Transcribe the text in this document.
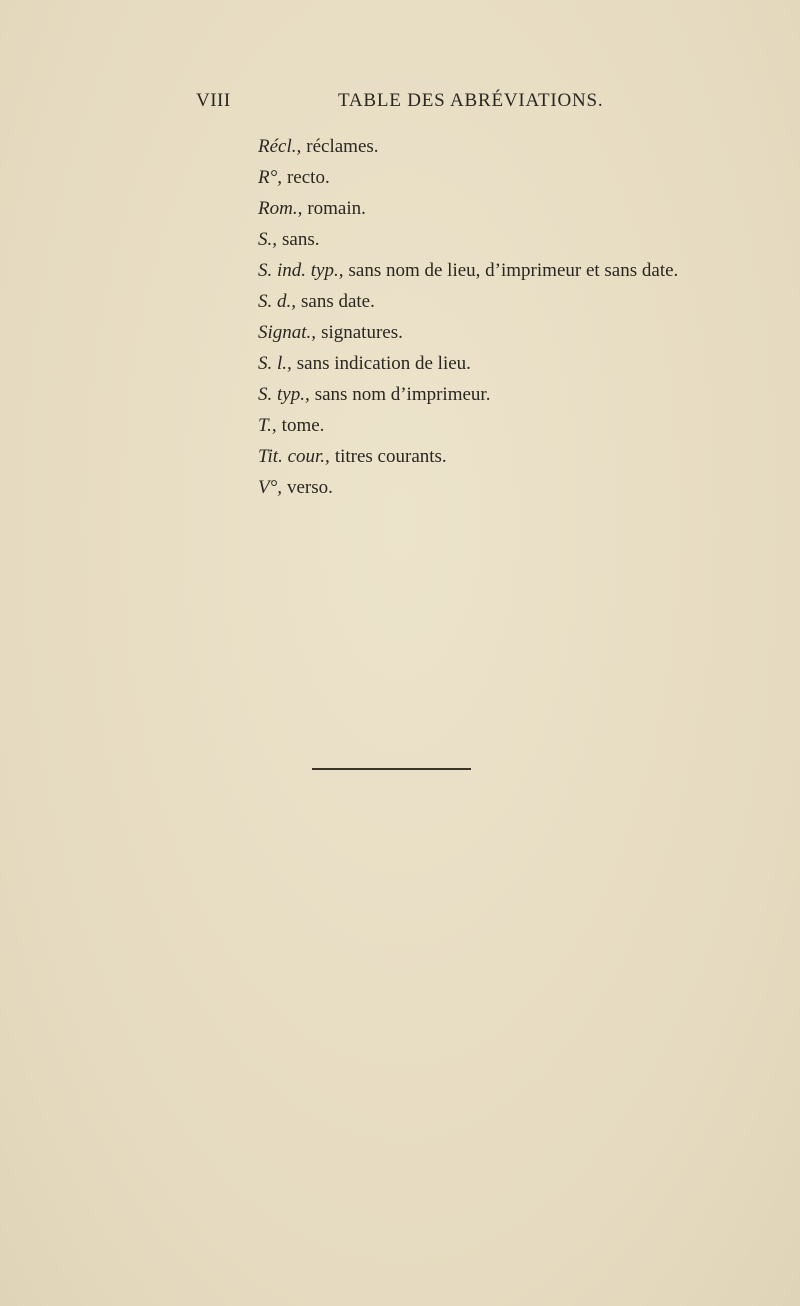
VIII	TABLE DES ABRÉVIATIONS.
Récl., réclames.
R°, recto.
Rom., romain.
S., sans.
S. ind. typ., sans nom de lieu, d’imprimeur et sans date.
S. d., sans date.
Signat., signatures.
S. l., sans indication de lieu.
S. typ., sans nom d’imprimeur.
T., tome.
Tit. cour., titres courants.
V°, verso.
